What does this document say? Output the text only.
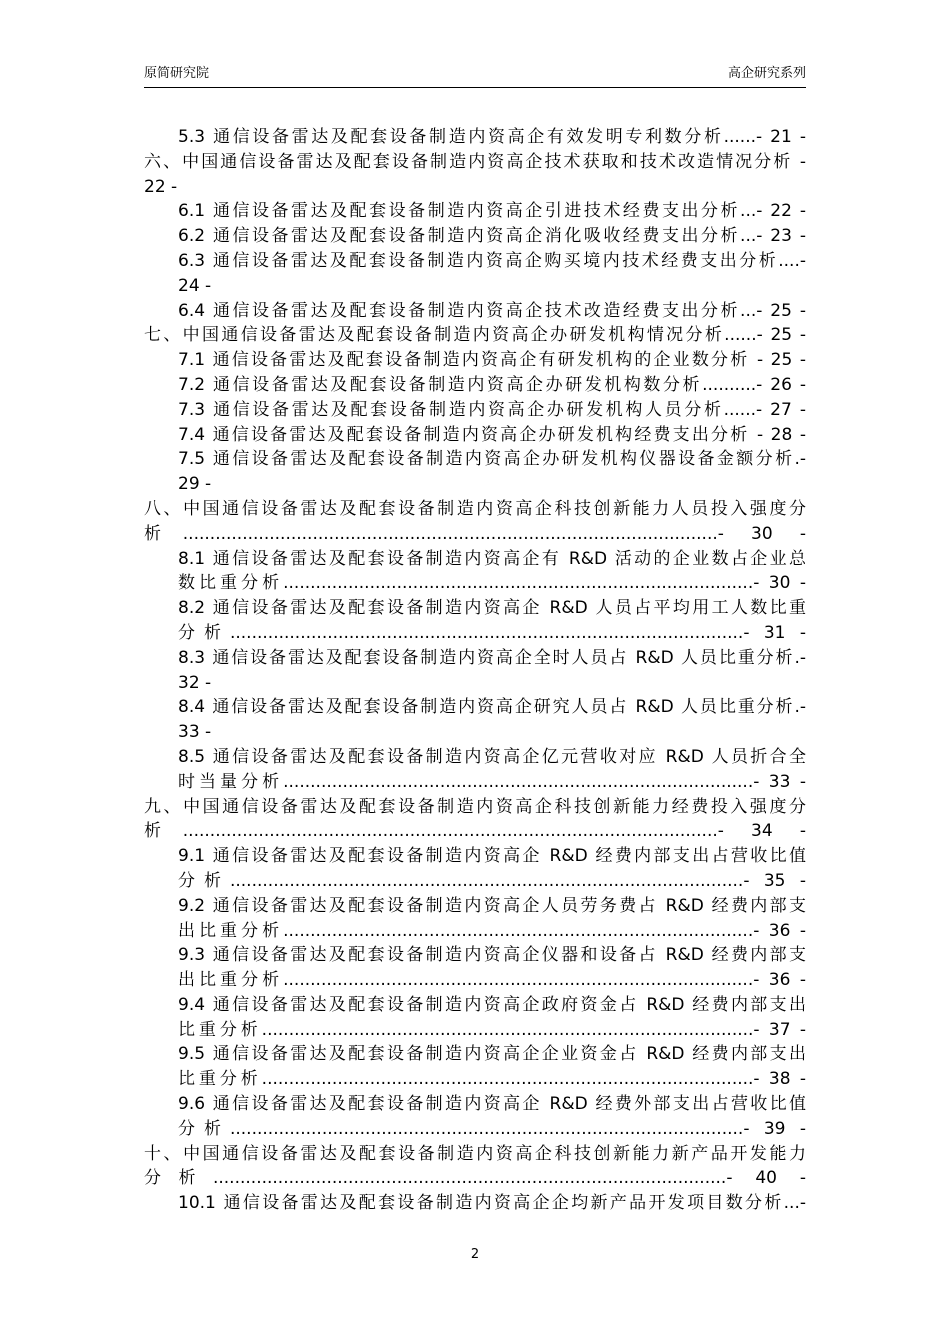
原简研究院	高企研究系列
5.3 通信设备雷达及配套设备制造内资高企有效发明专利数分析......- 21 -
六、中国通信设备雷达及配套设备制造内资高企技术获取和技术改造情况分析 -
22 -
6.1 通信设备雷达及配套设备制造内资高企引进技术经费支出分析...- 22 -
6.2 通信设备雷达及配套设备制造内资高企消化吸收经费支出分析...- 23 -
6.3 通信设备雷达及配套设备制造内资高企购买境内技术经费支出分析....-
24 -
6.4 通信设备雷达及配套设备制造内资高企技术改造经费支出分析...- 25 -
七、中国通信设备雷达及配套设备制造内资高企办研发机构情况分析......- 25 -
7.1 通信设备雷达及配套设备制造内资高企有研发机构的企业数分析 - 25 -
7.2 通信设备雷达及配套设备制造内资高企办研发机构数分析..........- 26 -
7.3 通信设备雷达及配套设备制造内资高企办研发机构人员分析......- 27 -
7.4 通信设备雷达及配套设备制造内资高企办研发机构经费支出分析 - 28 -
7.5 通信设备雷达及配套设备制造内资高企办研发机构仪器设备金额分析.-
29 -
八、中国通信设备雷达及配套设备制造内资高企科技创新能力人员投入强度分
析...................................................................................................- 30 -
8.1 通信设备雷达及配套设备制造内资高企有 R&D 活动的企业数占企业总
数比重分析.......................................................................................- 30 -
8.2 通信设备雷达及配套设备制造内资高企 R&D 人员占平均用工人数比重
分析...............................................................................................- 31 -
8.3 通信设备雷达及配套设备制造内资高企全时人员占 R&D 人员比重分析.-
32 -
8.4 通信设备雷达及配套设备制造内资高企研究人员占 R&D 人员比重分析.-
33 -
8.5 通信设备雷达及配套设备制造内资高企亿元营收对应 R&D 人员折合全
时当量分析.......................................................................................- 33 -
九、中国通信设备雷达及配套设备制造内资高企科技创新能力经费投入强度分
析...................................................................................................- 34 -
9.1 通信设备雷达及配套设备制造内资高企 R&D 经费内部支出占营收比值
分析...............................................................................................- 35 -
9.2 通信设备雷达及配套设备制造内资高企人员劳务费占 R&D 经费内部支
出比重分析.......................................................................................- 36 -
9.3 通信设备雷达及配套设备制造内资高企仪器和设备占 R&D 经费内部支
出比重分析.......................................................................................- 36 -
9.4 通信设备雷达及配套设备制造内资高企政府资金占 R&D 经费内部支出
比重分析...........................................................................................- 37 -
9.5 通信设备雷达及配套设备制造内资高企企业资金占 R&D 经费内部支出
比重分析...........................................................................................- 38 -
9.6 通信设备雷达及配套设备制造内资高企 R&D 经费外部支出占营收比值
分析...............................................................................................- 39 -
十、中国通信设备雷达及配套设备制造内资高企科技创新能力新产品开发能力
分析...............................................................................................- 40 -
10.1 通信设备雷达及配套设备制造内资高企企均新产品开发项目数分析...-
2
